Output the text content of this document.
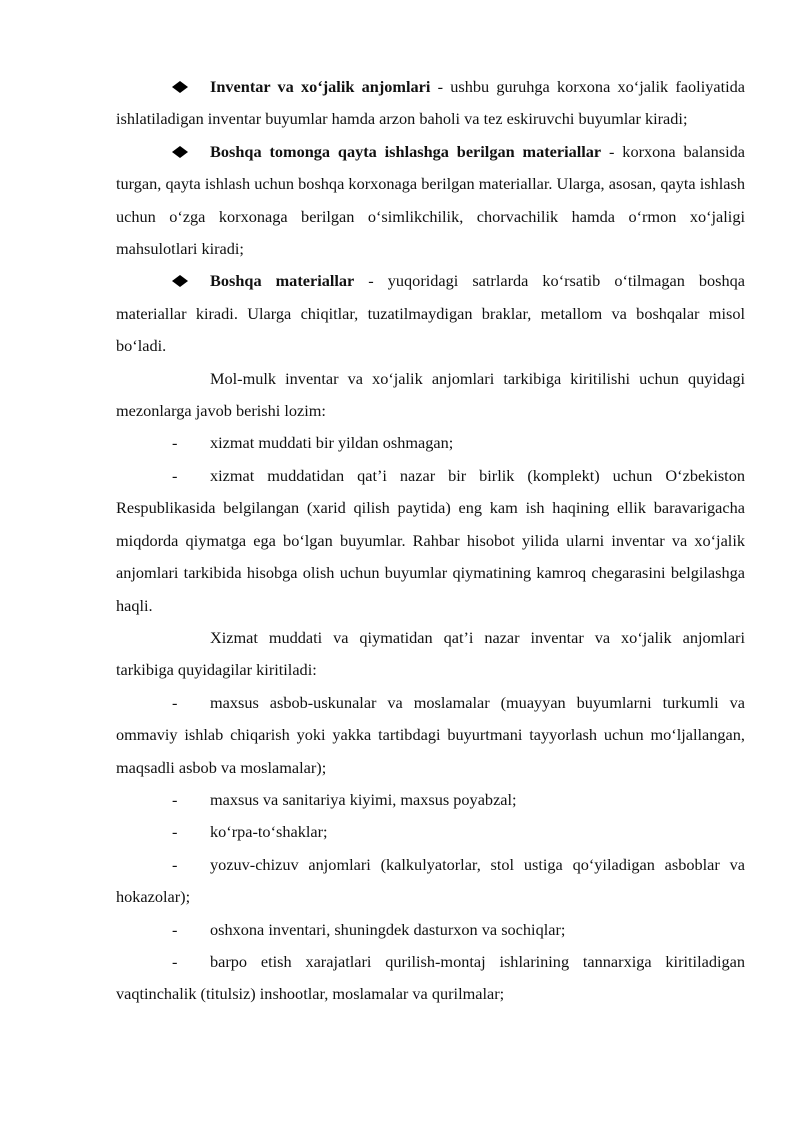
Inventar va xo‘jalik anjomlari - ushbu guruhga korxona xo‘jalik faoliyatida ishlatiladigan inventar buyumlar hamda arzon baholi va tez eskiruvchi buyumlar kiradi;

Boshqa tomonga qayta ishlashga berilgan materiallar - korxona balansida turgan, qayta ishlash uchun boshqa korxonaga berilgan materiallar. Ularga, asosan, qayta ishlash uchun o‘zga korxonaga berilgan o‘simlikchilik, chorvachilik hamda o‘rmon xo‘jaligi mahsulotlari kiradi;

Boshqa materiallar - yuqoridagi satrlarda ko‘rsatib o‘tilmagan boshqa materiallar kiradi. Ularga chiqitlar, tuzatilmaydigan braklar, metallom va boshqalar misol bo‘ladi.

Mol-mulk inventar va xo‘jalik anjomlari tarkibiga kiritilishi uchun quyidagi mezonlarga javob berishi lozim:

- xizmat muddati bir yildan oshmagan;

- xizmat muddatidan qat’i nazar bir birlik (komplekt) uchun O‘zbekiston Respublikasida belgilangan (xarid qilish paytida) eng kam ish haqining ellik baravarigacha miqdorda qiymatga ega bo‘lgan buyumlar. Rahbar hisobot yilida ularni inventar va xo‘jalik anjomlari tarkibida hisobga olish uchun buyumlar qiymatining kamroq chegarasini belgilashga haqli.

Xizmat muddati va qiymatidan qat’i nazar inventar va xo‘jalik anjomlari tarkibiga quyidagilar kiritiladi:

- maxsus asbob-uskunalar va moslamalar (muayyan buyumlarni turkumli va ommaviy ishlab chiqarish yoki yakka tartibdagi buyurtmani tayyorlash uchun mo‘ljallangan, maqsadli asbob va moslamalar);

- maxsus va sanitariya kiyimi, maxsus poyabzal;

- ko‘rpa-to‘shaklar;

- yozuv-chizuv anjomlari (kalkulyatorlar, stol ustiga qo‘yiladigan asboblar va hokazolar);

- oshxona inventari, shuningdek dasturxon va sochiqlar;

- barpo etish xarajatlari qurilish-montaj ishlarining tannarxiga kiritiladigan vaqtinchalik (titulsiz) inshootlar, moslamalar va qurilmalar;
